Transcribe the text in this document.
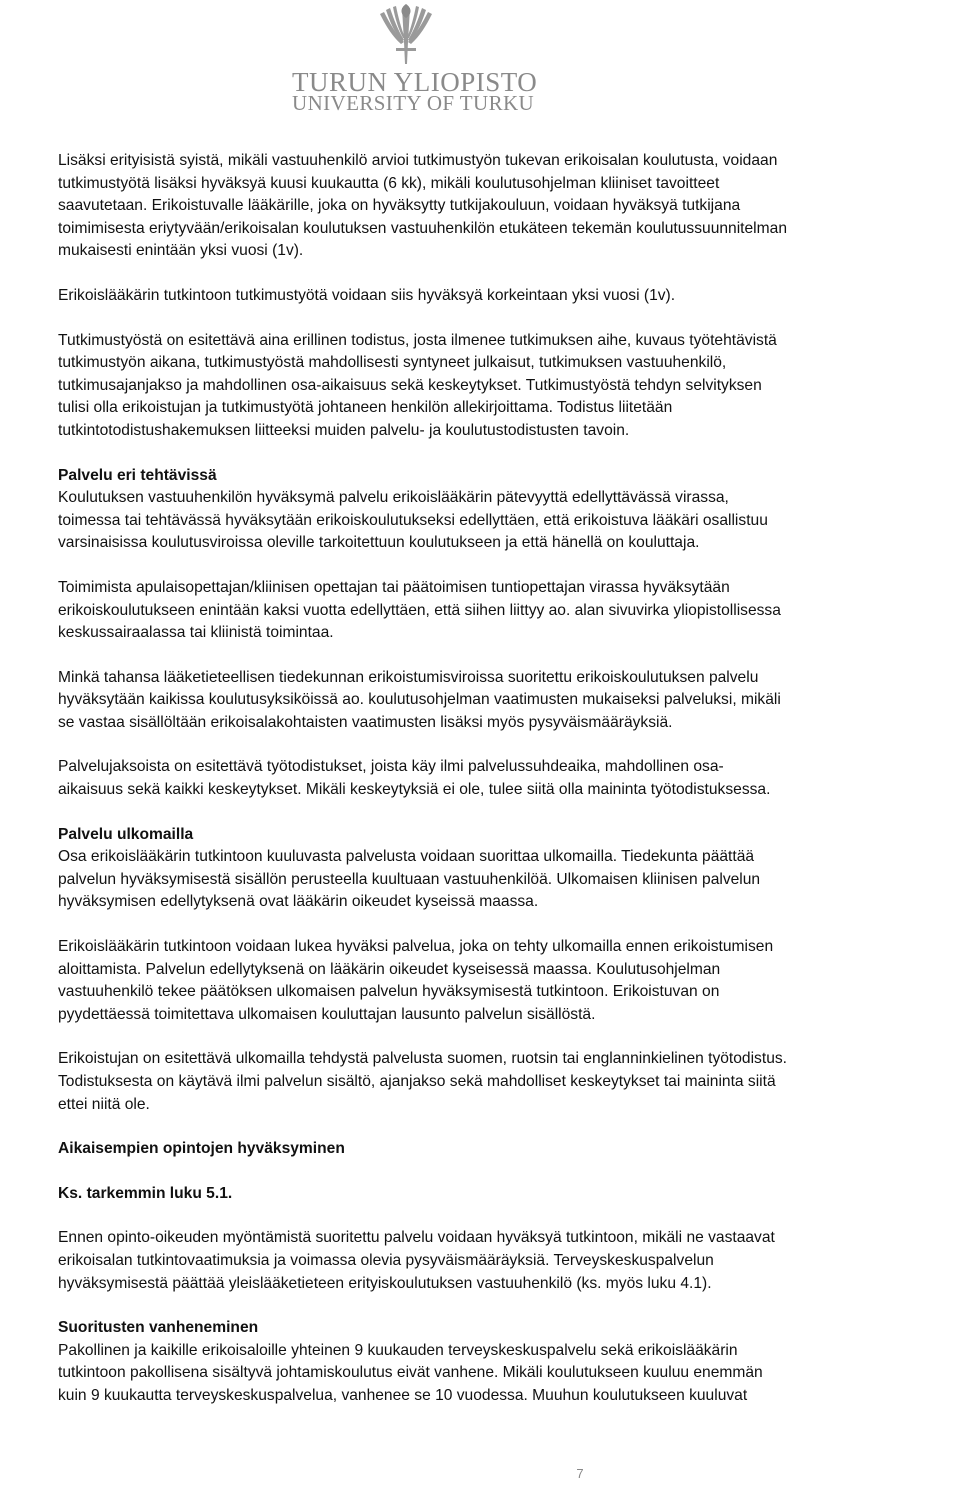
TURUN YLIOPISTO
UNIVERSITY OF TURKU

Lisäksi erityisistä syistä, mikäli vastuuhenkilö arvioi tutkimustyön tukevan erikoisalan koulutusta, voidaan

tutkimustyötä lisäksi hyväksyä kuusi kuukautta (6 kk), mikäli koulutusohjelman kliiniset tavoitteet

saavutetaan. Erikoistuvalle lääkärille, joka on hyväksytty tutkijakouluun, voidaan hyväksyä tutkijana

toimimisesta eriytyvään/erikoisalan koulutuksen vastuuhenkilön etukäteen tekemän koulutussuunnitelman

mukaisesti enintään yksi vuosi (1v).

Erikoislääkärin tutkintoon tutkimustyötä voidaan siis hyväksyä korkeintaan yksi vuosi (1v).

Tutkimustyöstä on esitettävä aina erillinen todistus, josta ilmenee tutkimuksen aihe, kuvaus työtehtävistä

tutkimustyön aikana, tutkimustyöstä mahdollisesti syntyneet julkaisut, tutkimuksen vastuuhenkilö,

tutkimusajanjakso ja mahdollinen osa-aikaisuus sekä keskeytykset. Tutkimustyöstä tehdyn selvityksen

tulisi olla erikoistujan ja tutkimustyötä johtaneen henkilön allekirjoittama. Todistus liitetään

tutkintotodistushakemuksen liitteeksi muiden palvelu- ja koulutustodistusten tavoin.

Palvelu eri tehtävissä

Koulutuksen vastuuhenkilön hyväksymä palvelu erikoislääkärin pätevyyttä edellyttävässä virassa,

toimessa tai tehtävässä hyväksytään erikoiskoulutukseksi edellyttäen, että erikoistuva lääkäri osallistuu

varsinaisissa koulutusviroissa oleville tarkoitettuun koulutukseen ja että hänellä on kouluttaja.

Toimimista apulaisopettajan/kliinisen opettajan tai päätoimisen tuntiopettajan virassa hyväksytään

erikoiskoulutukseen enintään kaksi vuotta edellyttäen, että siihen liittyy ao. alan sivuvirka yliopistollisessa

keskussairaalassa tai kliinistä toimintaa.

Minkä tahansa lääketieteellisen tiedekunnan erikoistumisviroissa suoritettu erikoiskoulutuksen palvelu

hyväksytään kaikissa koulutusyksiköissä ao. koulutusohjelman vaatimusten mukaiseksi palveluksi, mikäli

se vastaa sisällöltään erikoisalakohtaisten vaatimusten lisäksi myös pysyväismääräyksiä.

Palvelujaksoista on esitettävä työtodistukset, joista käy ilmi palvelussuhdeaika, mahdollinen osa-

aikaisuus sekä kaikki keskeytykset. Mikäli keskeytyksiä ei ole, tulee siitä olla maininta työtodistuksessa.

Palvelu ulkomailla

Osa erikoislääkärin tutkintoon kuuluvasta palvelusta voidaan suorittaa ulkomailla. Tiedekunta päättää

palvelun hyväksymisestä sisällön perusteella kuultuaan vastuuhenkilöä. Ulkomaisen kliinisen palvelun

hyväksymisen edellytyksenä ovat lääkärin oikeudet kyseissä maassa.

Erikoislääkärin tutkintoon voidaan lukea hyväksi palvelua, joka on tehty ulkomailla ennen erikoistumisen

aloittamista. Palvelun edellytyksenä on lääkärin oikeudet kyseisessä maassa. Koulutusohjelman

vastuuhenkilö tekee päätöksen ulkomaisen palvelun hyväksymisestä tutkintoon. Erikoistuvan on

pyydettäessä toimitettava ulkomaisen kouluttajan lausunto palvelun sisällöstä.

Erikoistujan on esitettävä ulkomailla tehdystä palvelusta suomen, ruotsin tai englanninkielinen työtodistus.

Todistuksesta on käytävä ilmi palvelun sisältö, ajanjakso sekä mahdolliset keskeytykset tai maininta siitä

ettei niitä ole.

Aikaisempien opintojen hyväksyminen

Ks. tarkemmin luku 5.1.

Ennen opinto-oikeuden myöntämistä suoritettu palvelu voidaan hyväksyä tutkintoon, mikäli ne vastaavat

erikoisalan tutkintovaatimuksia ja voimassa olevia pysyväismääräyksiä. Terveyskeskuspalvelun

hyväksymisestä päättää yleislääketieteen erityiskoulutuksen vastuuhenkilö (ks. myös luku 4.1).

Suoritusten vanheneminen

Pakollinen ja kaikille erikoisaloille yhteinen 9 kuukauden terveyskeskuspalvelu sekä erikoislääkärin

tutkintoon pakollisena sisältyvä johtamiskoulutus eivät vanhene. Mikäli koulutukseen kuuluu enemmän

kuin 9 kuukautta terveyskeskuspalvelua, vanhenee se 10 vuodessa. Muuhun koulutukseen kuuluvat

7
